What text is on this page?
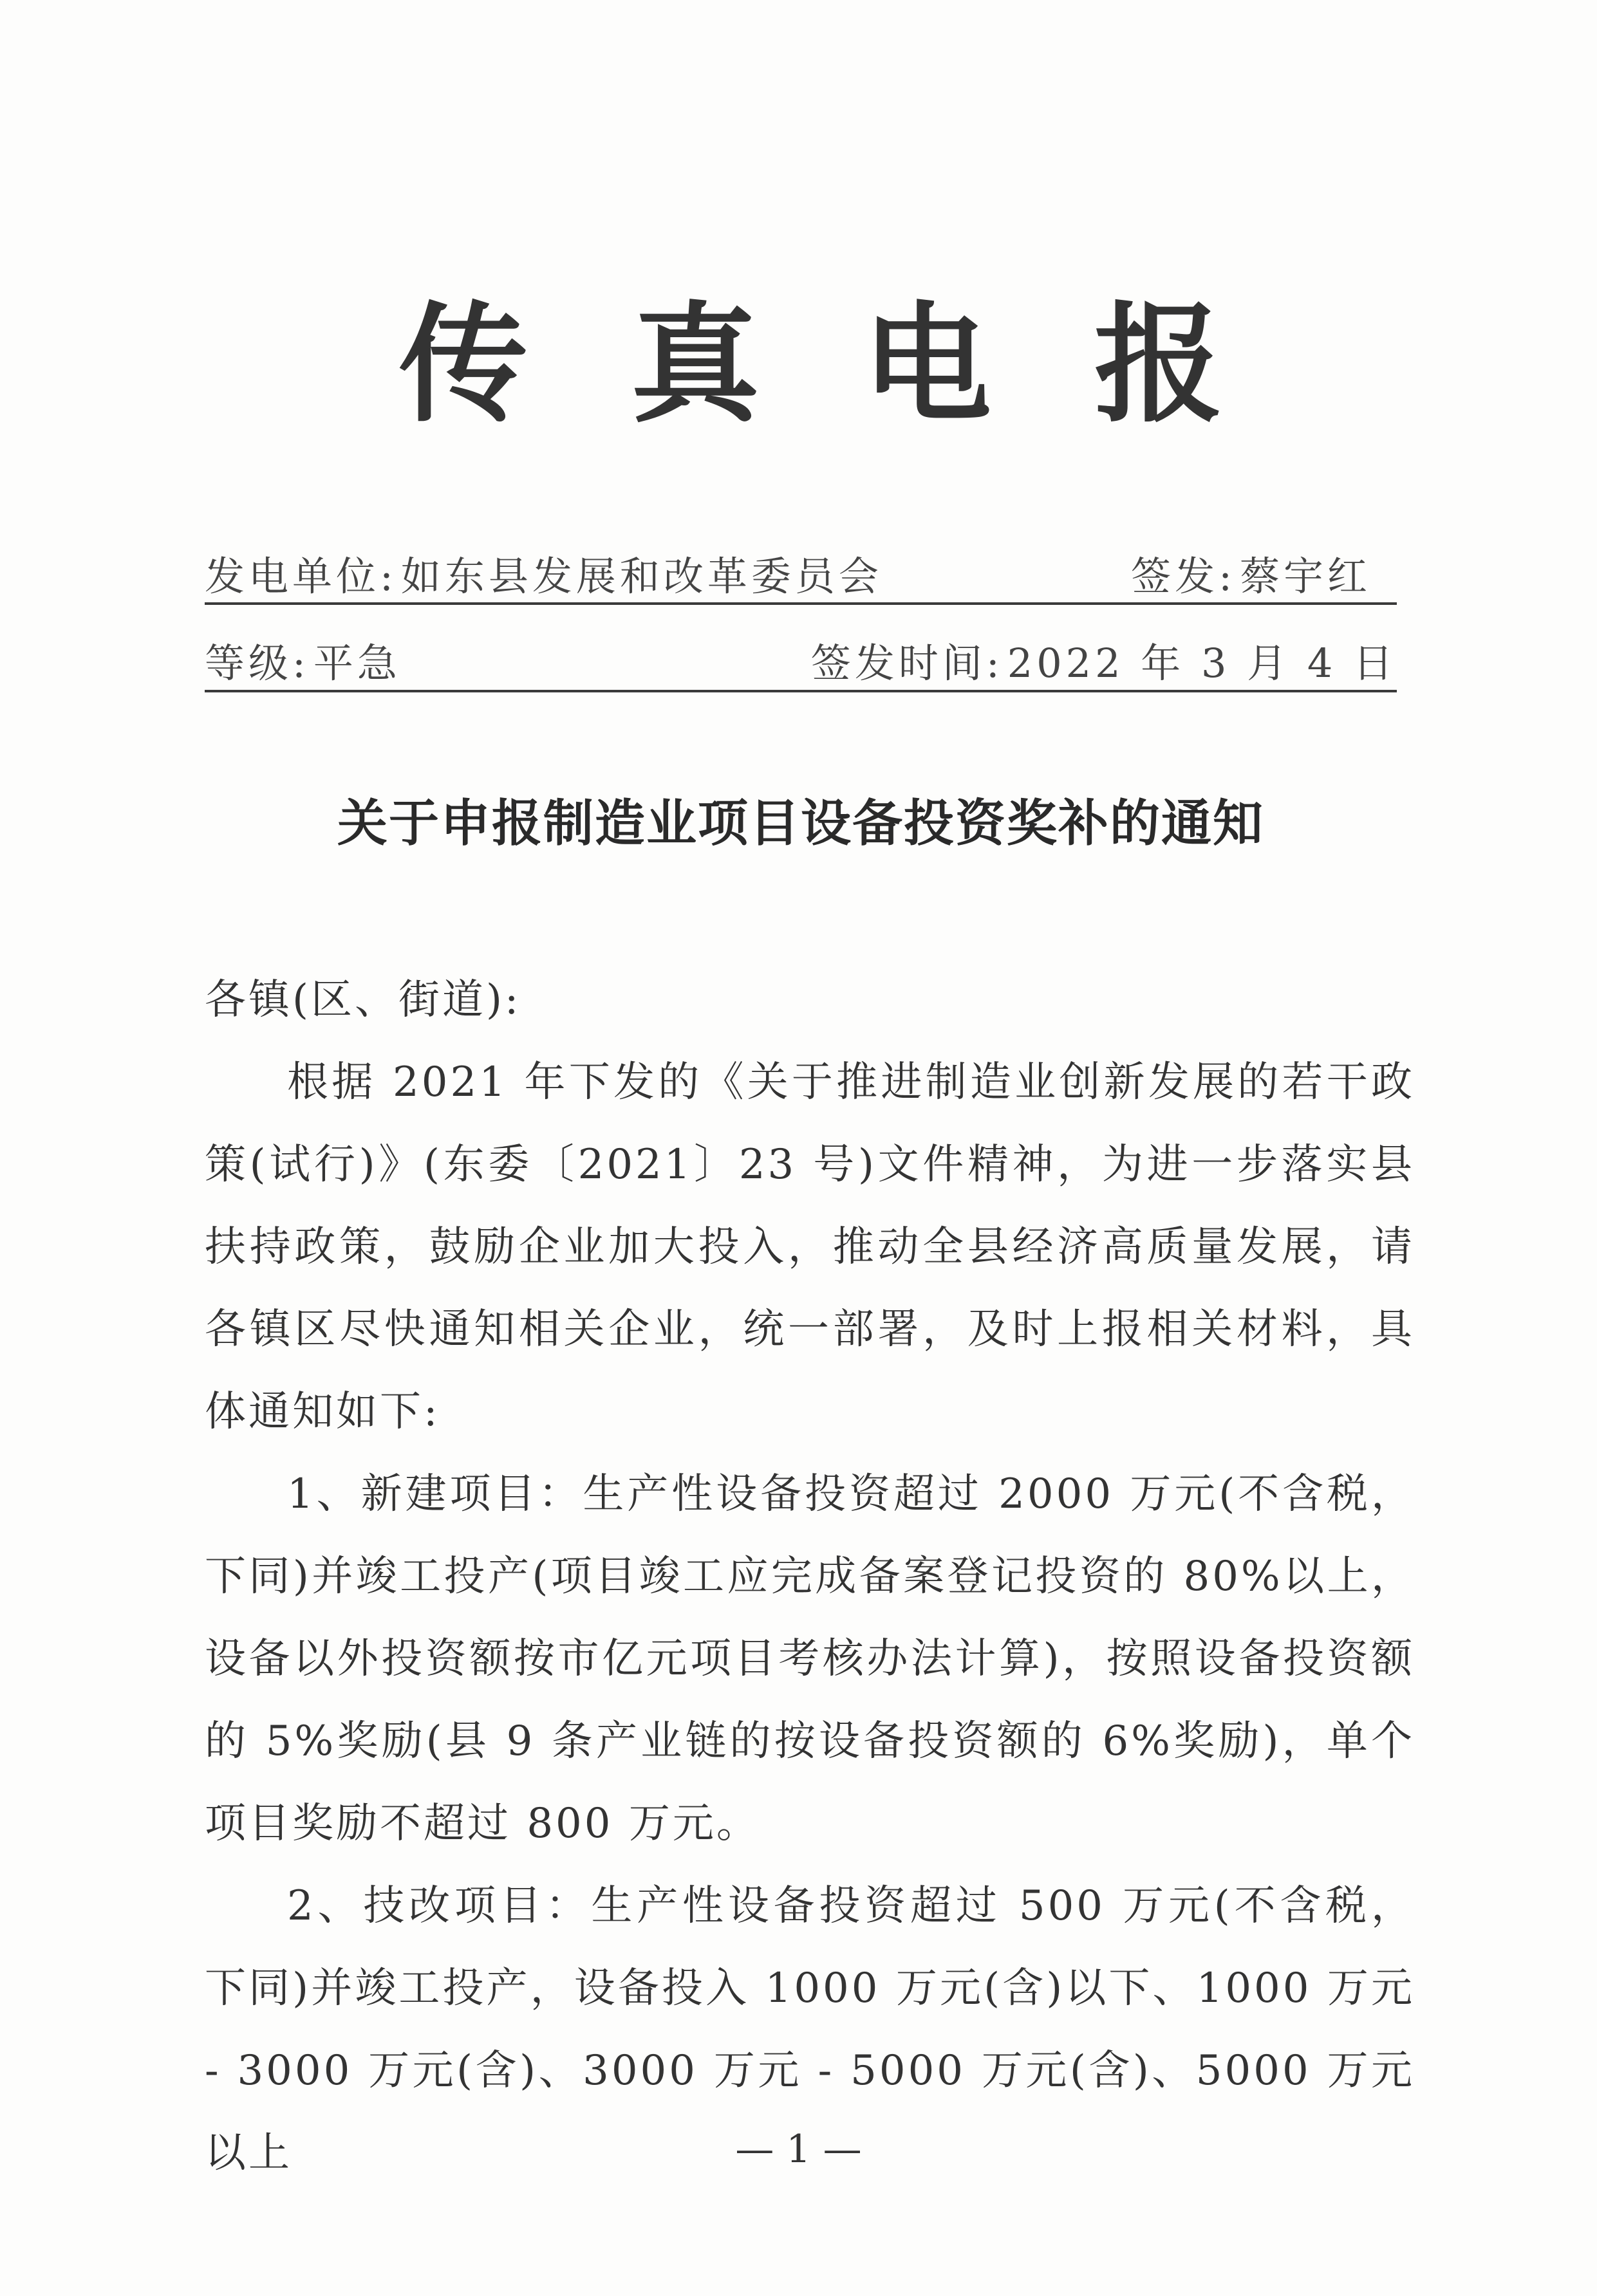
传 真 电 报
发电单位:如东县发展和改革委员会	签发:蔡宇红
等级:平急	签发时间:2022 年 3 月 4 日
关于申报制造业项目设备投资奖补的通知

各镇(区、街道):

根据 2021 年下发的《关于推进制造业创新发展的若干政策(试行)》(东委〔2021〕23 号)文件精神，为进一步落实县扶持政策，鼓励企业加大投入，推动全县经济高质量发展，请各镇区尽快通知相关企业，统一部署，及时上报相关材料，具体通知如下:

1、新建项目：生产性设备投资超过 2000 万元(不含税，下同)并竣工投产(项目竣工应完成备案登记投资的 80%以上，设备以外投资额按市亿元项目考核办法计算)，按照设备投资额的 5%奖励(县 9 条产业链的按设备投资额的 6%奖励)，单个项目奖励不超过 800 万元。

2、技改项目：生产性设备投资超过 500 万元(不含税，下同)并竣工投产，设备投入 1000 万元(含)以下、1000 万元 - 3000 万元(含)、3000 万元 - 5000 万元(含)、5000 万元以上	— 1 —
